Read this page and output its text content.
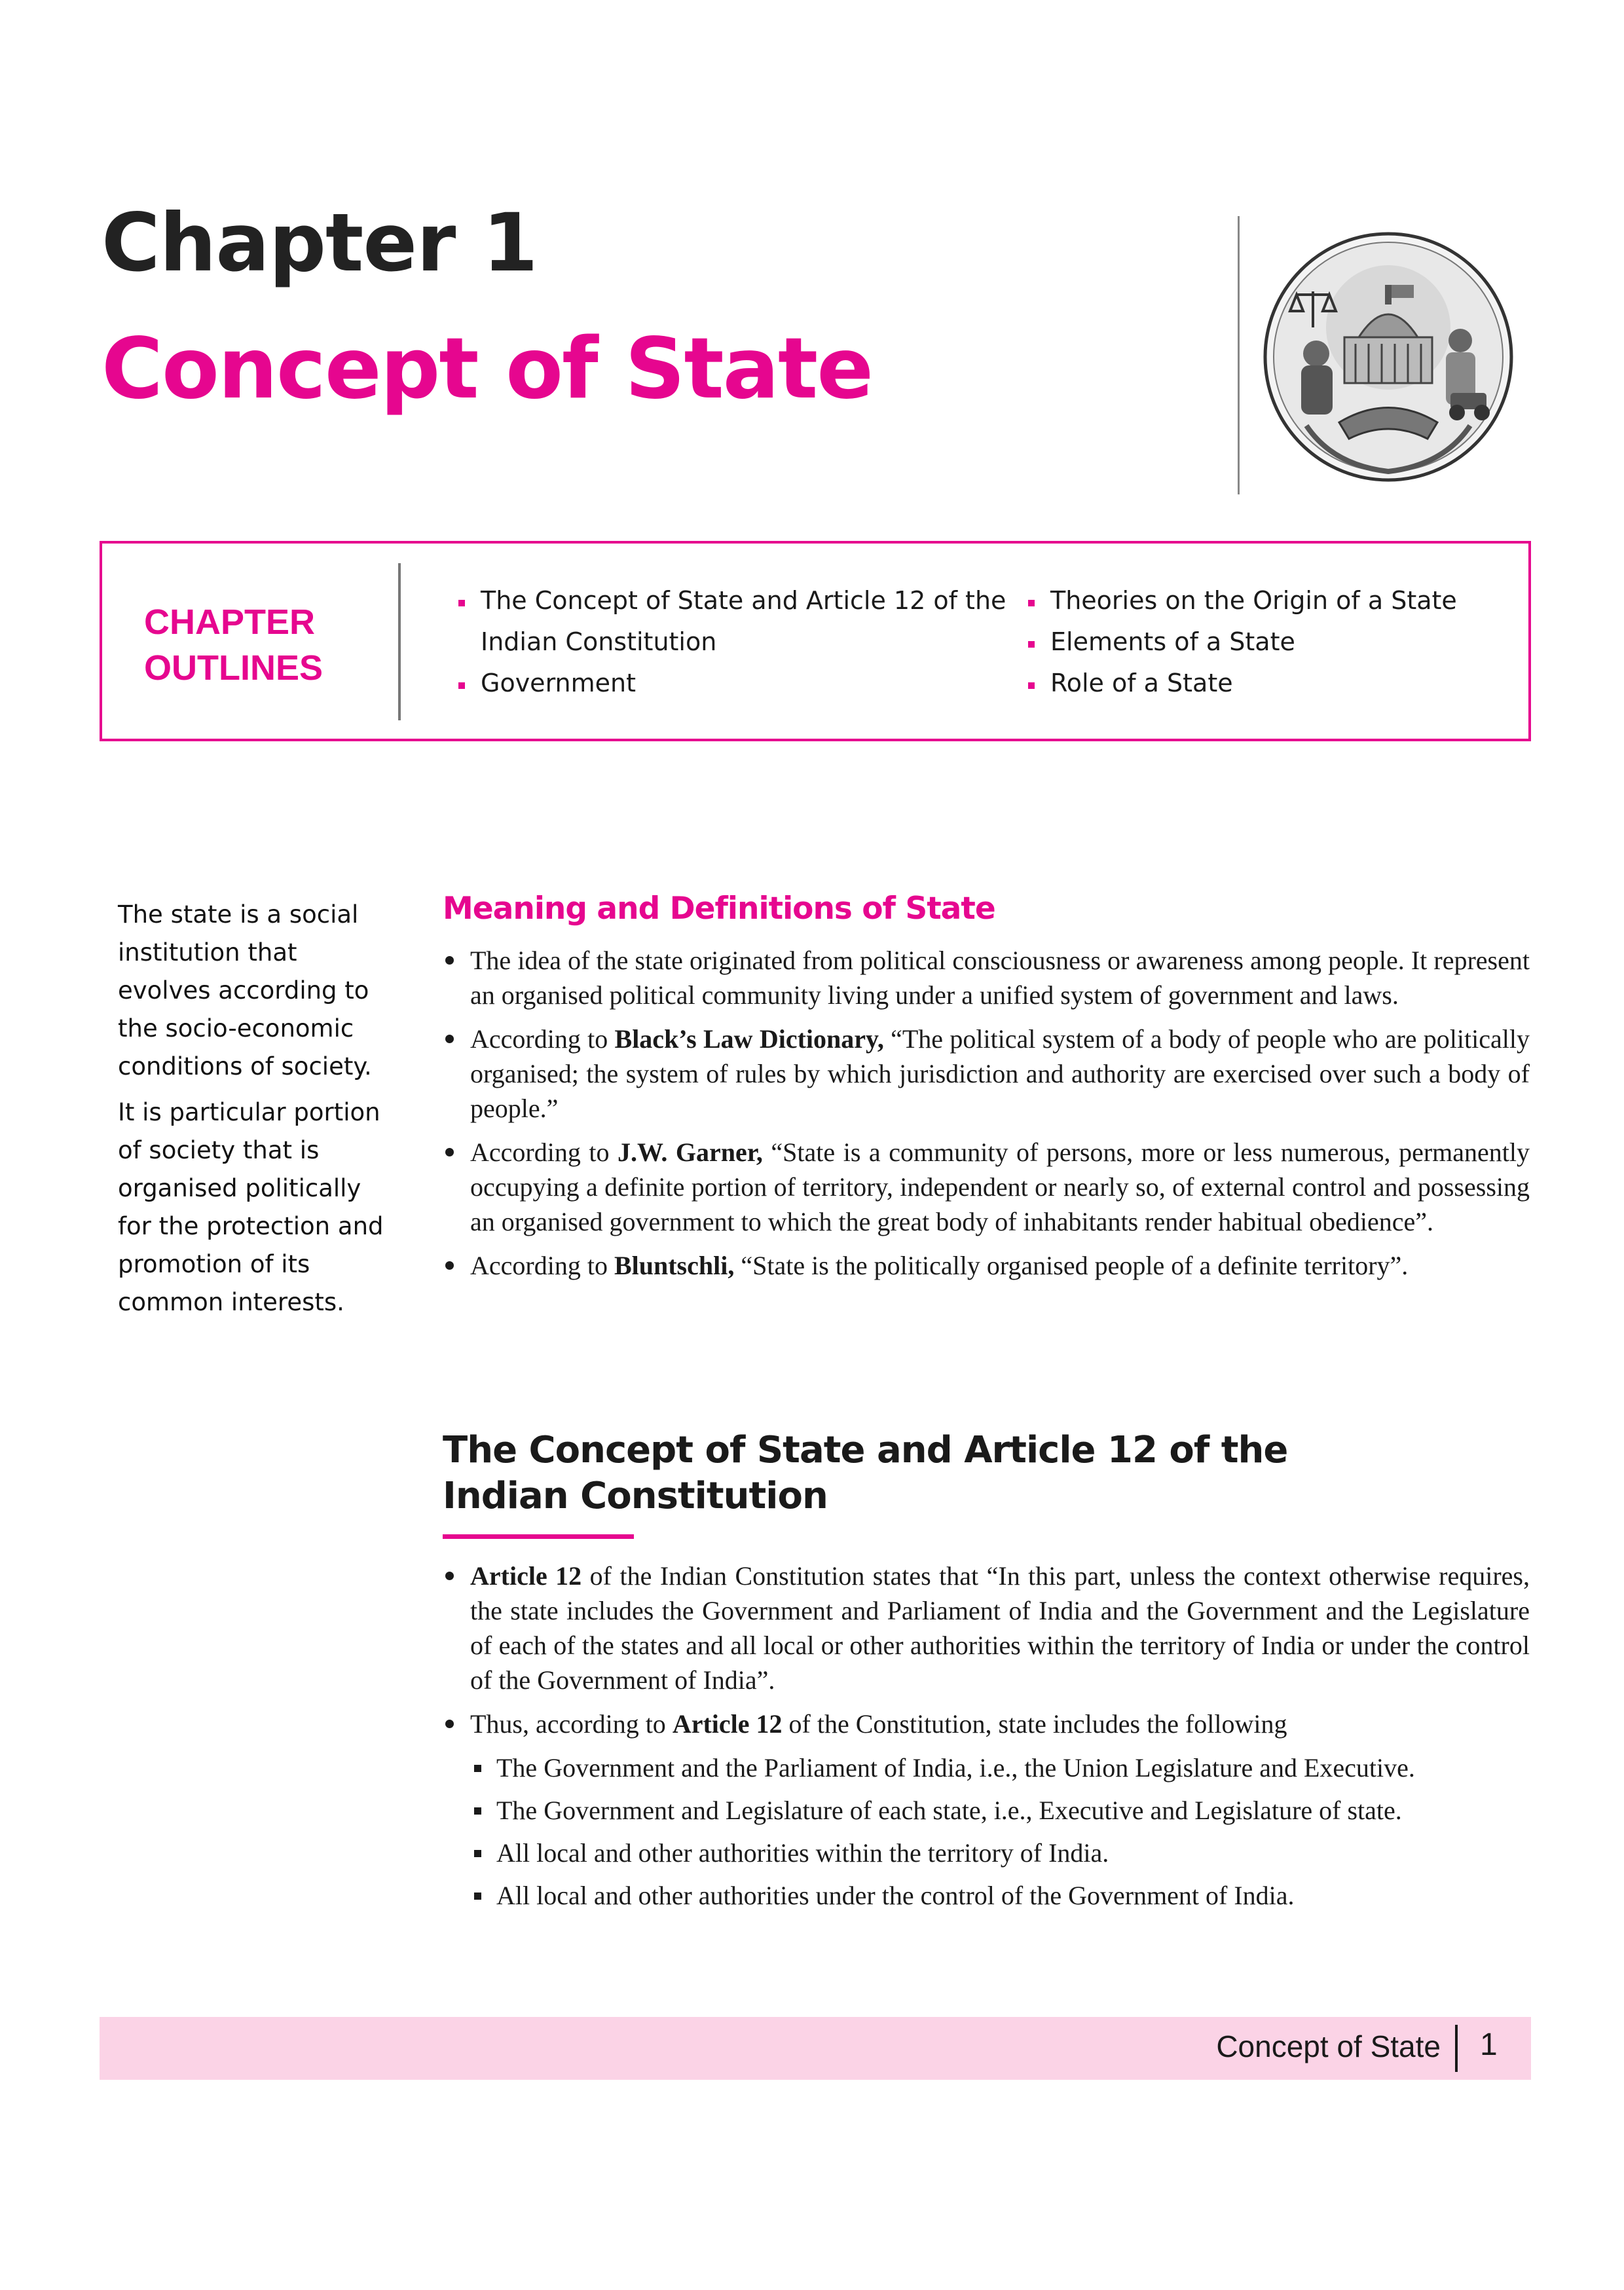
Chapter 1
Concept of State
CHAPTER
OUTLINES
The Concept of State and Article 12 of the Indian Constitution
Government
Theories on the Origin of a State
Elements of a State
Role of a State

The state is a social institution that evolves according to the socio-economic conditions of society.

It is particular portion of society that is organised politically for the protection and promotion of its common interests.

Meaning and Definitions of State
The idea of the state originated from political consciousness or awareness among people. It represent an organised political community living under a unified system of government and laws.
According to Black’s Law Dictionary, “The political system of a body of people who are politically organised; the system of rules by which jurisdiction and authority are exercised over such a body of people.”
According to J.W. Garner, “State is a community of persons, more or less numerous, permanently occupying a definite portion of territory, independent or nearly so, of external control and possessing an organised government to which the great body of inhabitants render habitual obedience”.
According to Bluntschli, “State is the politically organised people of a definite territory”.
The Concept of State and Article 12 of the
Indian Constitution
Article 12 of the Indian Constitution states that “In this part, unless the context otherwise requires, the state includes the Government and Parliament of India and the Government and the Legislature of each of the states and all local or other authorities within the territory of India or under the control of the Government of India”.
Thus, according to Article 12 of the Constitution, state includes the following
The Government and the Parliament of India, i.e., the Union Legislature and Executive.
The Government and Legislature of each state, i.e., Executive and Legislature of state.
All local and other authorities within the territory of India.
All local and other authorities under the control of the Government of India.
Concept of State 1
